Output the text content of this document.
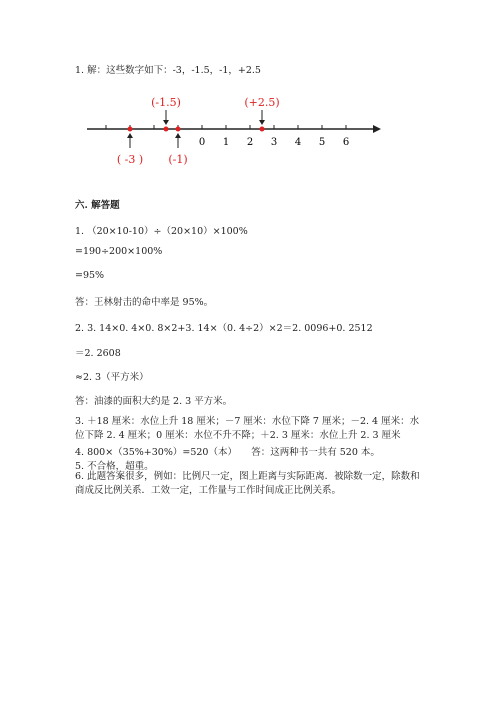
1. 解：这些数字如下：-3，-1.5，-1，+2.5
0 1 2 3 4 5 6
(-1.5)	(+2.5)
( -3 ) (-1)
六. 解答题
1. （20×10-10）÷（20×10）×100%
=190÷200×100%
=95%
答：王林射击的命中率是 95%。
2. 3. 14×0. 4×0. 8×2+3. 14×（0. 4÷2）×2＝2. 0096+0. 2512
＝2. 2608
≈2. 3（平方米）
答：油漆的面积大约是 2. 3 平方米。
3. ＋18 厘米：水位上升 18 厘米；－7 厘米：水位下降 7 厘米；－2. 4 厘米：水位下降 2. 4 厘米；0 厘米：水位不升不降；＋2. 3 厘米：水位上升 2. 3 厘米
4. 800×（35%+30%）=520（本）　　答：这两种书一共有 520 本。
5. 不合格，超重。
6. 此题答案很多，例如：比例尺一定，图上距离与实际距离．被除数一定，除数和商成反比例关系．工效一定，工作量与工作时间成正比例关系。
